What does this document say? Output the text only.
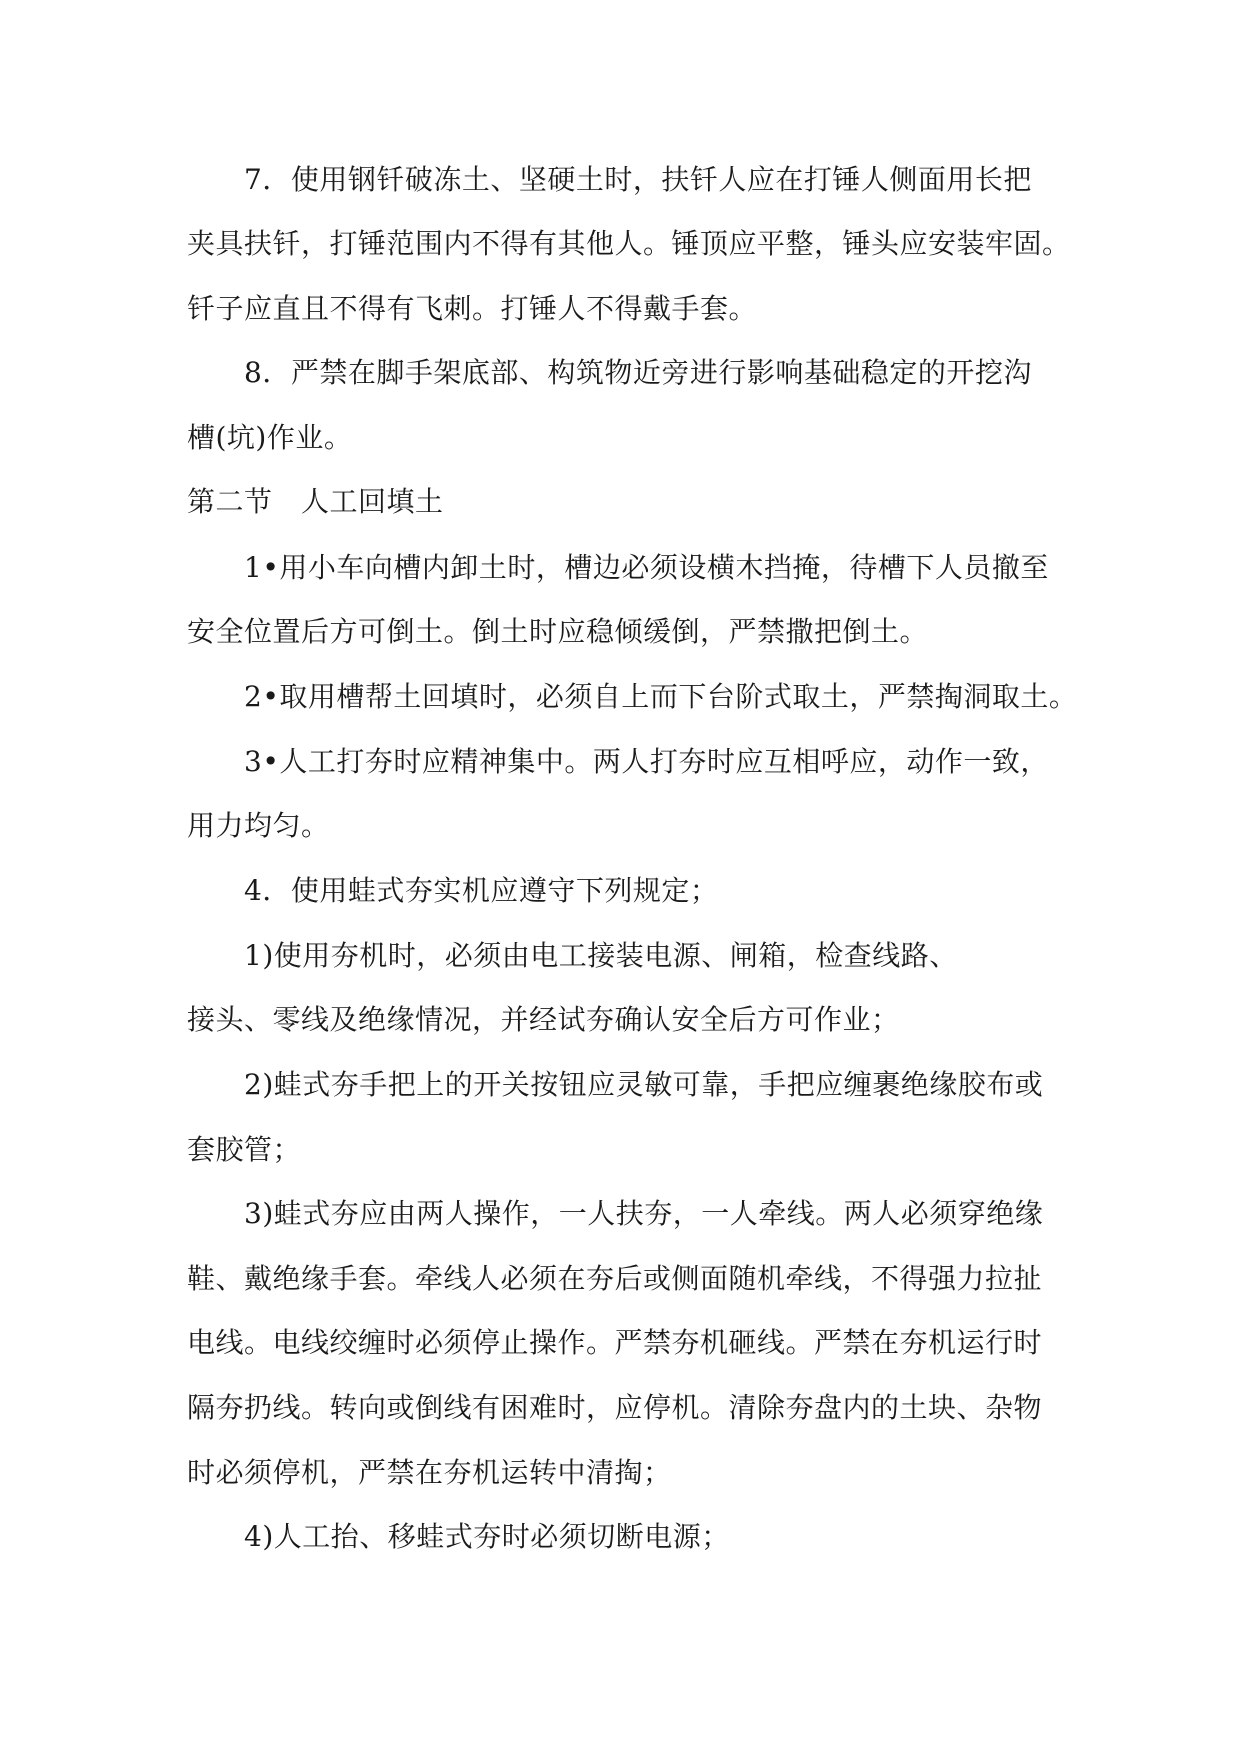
7．使用钢钎破冻土、坚硬土时，扶钎人应在打锤人侧面用长把

夹具扶钎，打锤范围内不得有其他人。锤顶应平整，锤头应安装牢固。

钎子应直且不得有飞刺。打锤人不得戴手套。

8．严禁在脚手架底部、构筑物近旁进行影响基础稳定的开挖沟

槽(坑)作业。

第二节　人工回填土

1•用小车向槽内卸土时，槽边必须设横木挡掩，待槽下人员撤至

安全位置后方可倒土。倒土时应稳倾缓倒，严禁撒把倒土。

2•取用槽帮土回填时，必须自上而下台阶式取土，严禁掏洞取土。

3•人工打夯时应精神集中。两人打夯时应互相呼应，动作一致，

用力均匀。

4．使用蛙式夯实机应遵守下列规定；

1)使用夯机时，必须由电工接装电源、闸箱，检查线路、

接头、零线及绝缘情况，并经试夯确认安全后方可作业；

2)蛙式夯手把上的开关按钮应灵敏可靠，手把应缠裹绝缘胶布或

套胶管；

3)蛙式夯应由两人操作，一人扶夯，一人牵线。两人必须穿绝缘

鞋、戴绝缘手套。牵线人必须在夯后或侧面随机牵线，不得强力拉扯

电线。电线绞缠时必须停止操作。严禁夯机砸线。严禁在夯机运行时

隔夯扔线。转向或倒线有困难时，应停机。清除夯盘内的土块、杂物

时必须停机，严禁在夯机运转中清掏；

4)人工抬、移蛙式夯时必须切断电源；
